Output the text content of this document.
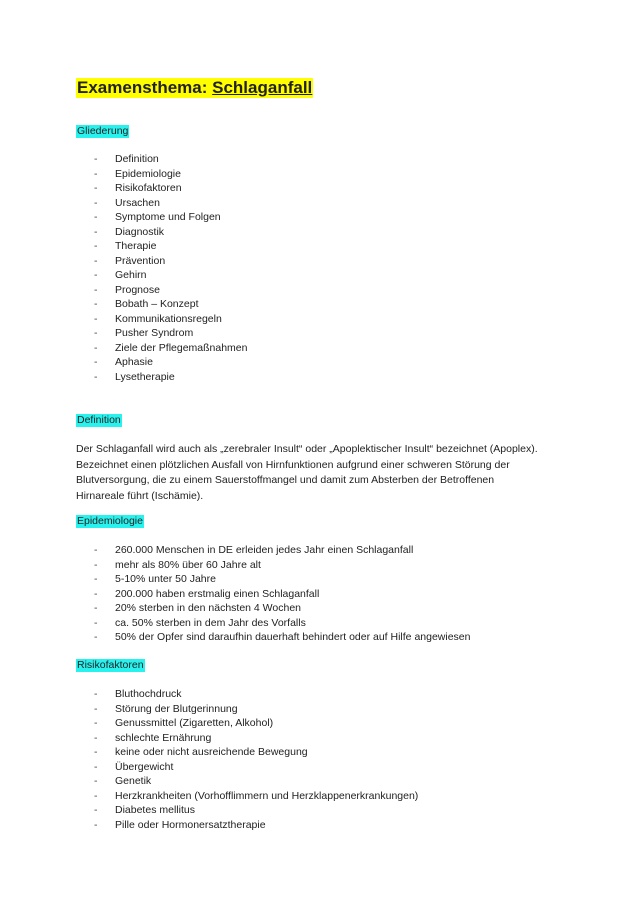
Examensthema: Schlaganfall
Gliederung
- Definition
- Epidemiologie
- Risikofaktoren
- Ursachen
- Symptome und Folgen
- Diagnostik
- Therapie
- Prävention
- Gehirn
- Prognose
- Bobath – Konzept
- Kommunikationsregeln
- Pusher Syndrom
- Ziele der Pflegemaßnahmen
- Aphasie
- Lysetherapie
Definition

Der Schlaganfall wird auch als „zerebraler Insult“ oder „Apoplektischer Insult“ bezeichnet (Apoplex).
Bezeichnet einen plötzlichen Ausfall von Hirnfunktionen aufgrund einer schweren Störung der
Blutversorgung, die zu einem Sauerstoffmangel und damit zum Absterben der Betroffenen
Hirnareale führt (Ischämie).

Epidemiologie
- 260.000 Menschen in DE erleiden jedes Jahr einen Schlaganfall
- mehr als 80% über 60 Jahre alt
- 5-10% unter 50 Jahre
- 200.000 haben erstmalig einen Schlaganfall
- 20% sterben in den nächsten 4 Wochen
- ca. 50% sterben in dem Jahr des Vorfalls
- 50% der Opfer sind daraufhin dauerhaft behindert oder auf Hilfe angewiesen
Risikofaktoren
- Bluthochdruck
- Störung der Blutgerinnung
- Genussmittel (Zigaretten, Alkohol)
- schlechte Ernährung
- keine oder nicht ausreichende Bewegung
- Übergewicht
- Genetik
- Herzkrankheiten (Vorhofflimmern und Herzklappenerkrankungen)
- Diabetes mellitus
- Pille oder Hormonersatztherapie
